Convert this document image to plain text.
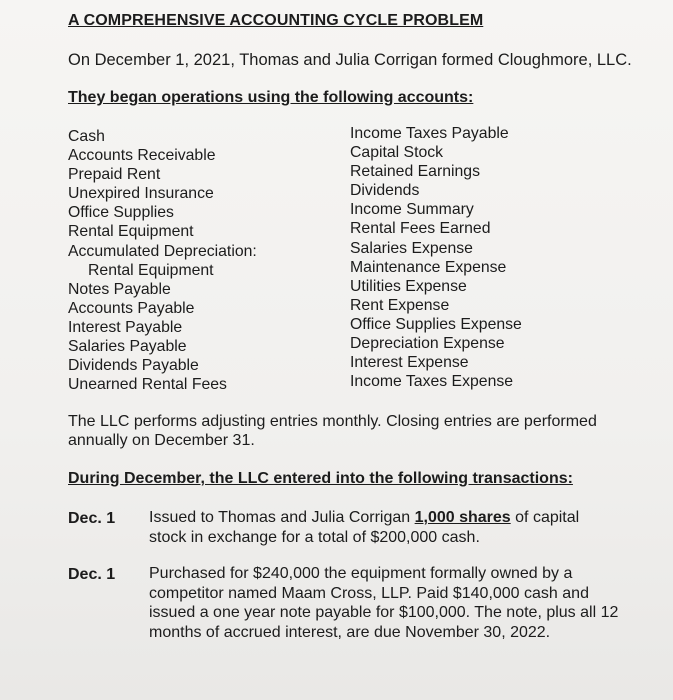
A COMPREHENSIVE ACCOUNTING CYCLE PROBLEM
On December 1, 2021, Thomas and Julia Corrigan formed Cloughmore, LLC.
They began operations using the following accounts:
Cash
Accounts Receivable
Prepaid Rent
Unexpired Insurance
Office Supplies
Rental Equipment
Accumulated Depreciation:
Rental Equipment
Notes Payable
Accounts Payable
Interest Payable
Salaries Payable
Dividends Payable
Unearned Rental Fees
Income Taxes Payable
Capital Stock
Retained Earnings
Dividends
Income Summary
Rental Fees Earned
Salaries Expense
Maintenance Expense
Utilities Expense
Rent Expense
Office Supplies Expense
Depreciation Expense
Interest Expense
Income Taxes Expense
The LLC performs adjusting entries monthly. Closing entries are performed annually on December 31.
During December, the LLC entered into the following transactions:
Dec. 1 Issued to Thomas and Julia Corrigan 1,000 shares of capital stock in exchange for a total of $200,000 cash.
Dec. 1 Purchased for $240,000 the equipment formally owned by a competitor named Maam Cross, LLP. Paid $140,000 cash and issued a one year note payable for $100,000. The note, plus all 12 months of accrued interest, are due November 30, 2022.
